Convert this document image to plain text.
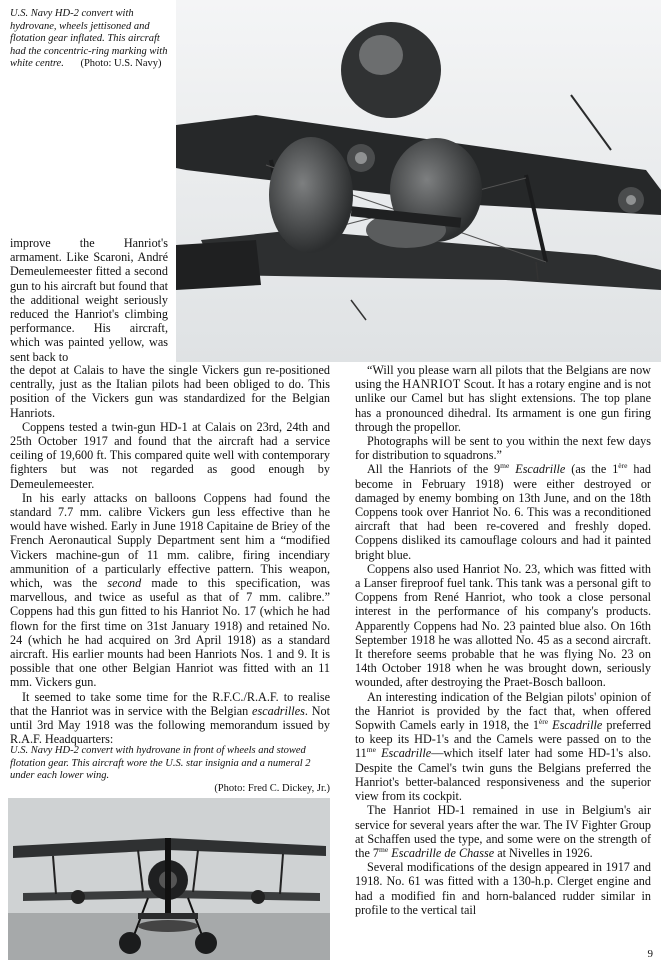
U.S. Navy HD-2 convert with hydrovane, wheels jettisoned and flotation gear inflated. This aircraft had the concentric-ring marking with white centre. (Photo: U.S. Navy)

improve the Hanriot's armament. Like Scaroni, André Demeulemeester fitted a second gun to his aircraft but found that the additional weight seriously reduced the Hanriot's climbing performance. His aircraft, which was painted yellow, was sent back to

the depot at Calais to have the single Vickers gun re-positioned centrally, just as the Italian pilots had been obliged to do. This position of the Vickers gun was standardized for the Belgian Hanriots.

Coppens tested a twin-gun HD-1 at Calais on 23rd, 24th and 25th October 1917 and found that the aircraft had a service ceiling of 19,600 ft. This compared quite well with contemporary fighters but was not regarded as good enough by Demeulemeester.

In his early attacks on balloons Coppens had found the standard 7.7 mm. calibre Vickers gun less effective than he would have wished. Early in June 1918 Capitaine de Briey of the French Aeronautical Supply Department sent him a “modified Vickers machine-gun of 11 mm. calibre, firing incendiary ammunition of a particularly effective pattern. This weapon, which, was the second made to this specification, was marvellous, and twice as useful as that of 7 mm. calibre.” Coppens had this gun fitted to his Hanriot No. 17 (which he had flown for the first time on 31st January 1918) and retained No. 24 (which he had acquired on 3rd April 1918) as a standard aircraft. His earlier mounts had been Hanriots Nos. 1 and 9. It is possible that one other Belgian Hanriot was fitted with an 11 mm. Vickers gun.

It seemed to take some time for the R.F.C./R.A.F. to realise that the Hanriot was in service with the Belgian escadrilles. Not until 3rd May 1918 was the following memorandum issued by R.A.F. Headquarters:

U.S. Navy HD-2 convert with hydrovane in front of wheels and stowed flotation gear. This aircraft wore the U.S. star insignia and a numeral 2 under each lower wing.
(Photo: Fred C. Dickey, Jr.)

“Will you please warn all pilots that the Belgians are now using the HANRIOT Scout. It has a rotary engine and is not unlike our Camel but has slight extensions. The top plane has a pronounced dihedral. Its armament is one gun firing through the propellor.

Photographs will be sent to you within the next few days for distribution to squadrons.”

All the Hanriots of the $9^{me}$ Escadrille (as the 1ère had become in February 1918) were either destroyed or damaged by enemy bombing on 13th June, and on the 18th Coppens took over Hanriot No. 6. This was a reconditioned aircraft that had been re-covered and freshly doped. Coppens disliked its camouflage colours and had it painted bright blue.

Coppens also used Hanriot No. 23, which was fitted with a Lanser fireproof fuel tank. This tank was a personal gift to Coppens from René Hanriot, who took a close personal interest in the performance of his company's products. Apparently Coppens had No. 23 painted blue also. On 16th September 1918 he was allotted No. 45 as a second aircraft. It therefore seems probable that he was flying No. 23 on 14th October 1918 when he was brought down, seriously wounded, after destroying the Praet-Bosch balloon.

An interesting indication of the Belgian pilots' opinion of the Hanriot is provided by the fact that, when offered Sopwith Camels early in 1918, the 1ère Escadrille preferred to keep its HD-1's and the Camels were passed on to the $11^{me}$ Escadrille—which itself later had some HD-1's also. Despite the Camel's twin guns the Belgians preferred the Hanriot's better-balanced responsiveness and the superior view from its cockpit.

The Hanriot HD-1 remained in use in Belgium's air service for several years after the war. The IV Fighter Group at Schaffen used the type, and some were on the strength of the $7^{me}$ Escadrille de Chasse at Nivelles in 1926.

Several modifications of the design appeared in 1917 and 1918. No. 61 was fitted with a 130-h.p. Clerget engine and had a modified fin and horn-balanced rudder similar in profile to the vertical tail

9
